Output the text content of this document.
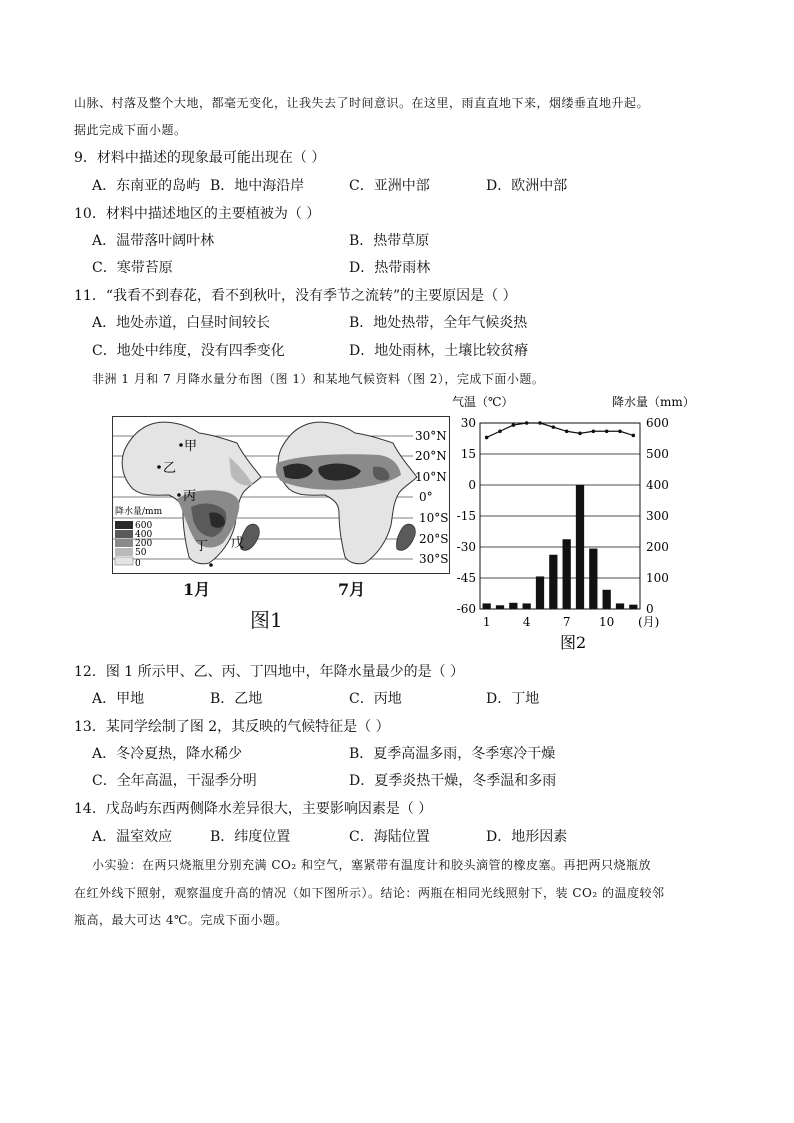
山脉、村落及整个大地，都毫无变化，让我失去了时间意识。在这里，雨直直地下来，烟缕垂直地升起。
据此完成下面小题。
9．材料中描述的现象最可能出现在（ ）
A．东南亚的岛屿 B．地中海沿岸	C．亚洲中部	D．欧洲中部
10．材料中描述地区的主要植被为（ ）
A．温带落叶阔叶林	B．热带草原
C．寒带苔原	D．热带雨林
11．“我看不到春花，看不到秋叶，没有季节之流转”的主要原因是（ ）
A．地处赤道，白昼时间较长	B．地处热带，全年气候炎热
C．地处中纬度，没有四季变化	D．地处雨林，土壤比较贫瘠
非洲 1 月和 7 月降水量分布图（图 1）和某地气候资料（图 2），完成下面小题。
甲
乙
丙
丁 戊
30°N
20°N
10°N
0°
10°S
20°S
30°S
降水量/mm
600
400
200
50
0
1月	7月
图1
气温（℃）	降水量（mm）
30
15
0
-15
-30
-45
-60
600
500
400
300
200
100
0
1	4	7 10 (月)
图2
12．图 1 所示甲、乙、丙、丁四地中，年降水量最少的是（ ）
A．甲地	B．乙地	C．丙地	D．丁地
13．某同学绘制了图 2，其反映的气候特征是（ ）
A．冬冷夏热，降水稀少	B．夏季高温多雨，冬季寒冷干燥
C．全年高温，干湿季分明	D．夏季炎热干燥，冬季温和多雨
14．戊岛屿东西两侧降水差异很大，主要影响因素是（ ）
A．温室效应	B．纬度位置	C．海陆位置	D．地形因素
小实验：在两只烧瓶里分别充满 CO₂ 和空气，塞紧带有温度计和胶头滴管的橡皮塞。再把两只烧瓶放
在红外线下照射，观察温度升高的情况（如下图所示）。结论：两瓶在相同光线照射下，装 CO₂ 的温度较邻
瓶高，最大可达 4℃。完成下面小题。
